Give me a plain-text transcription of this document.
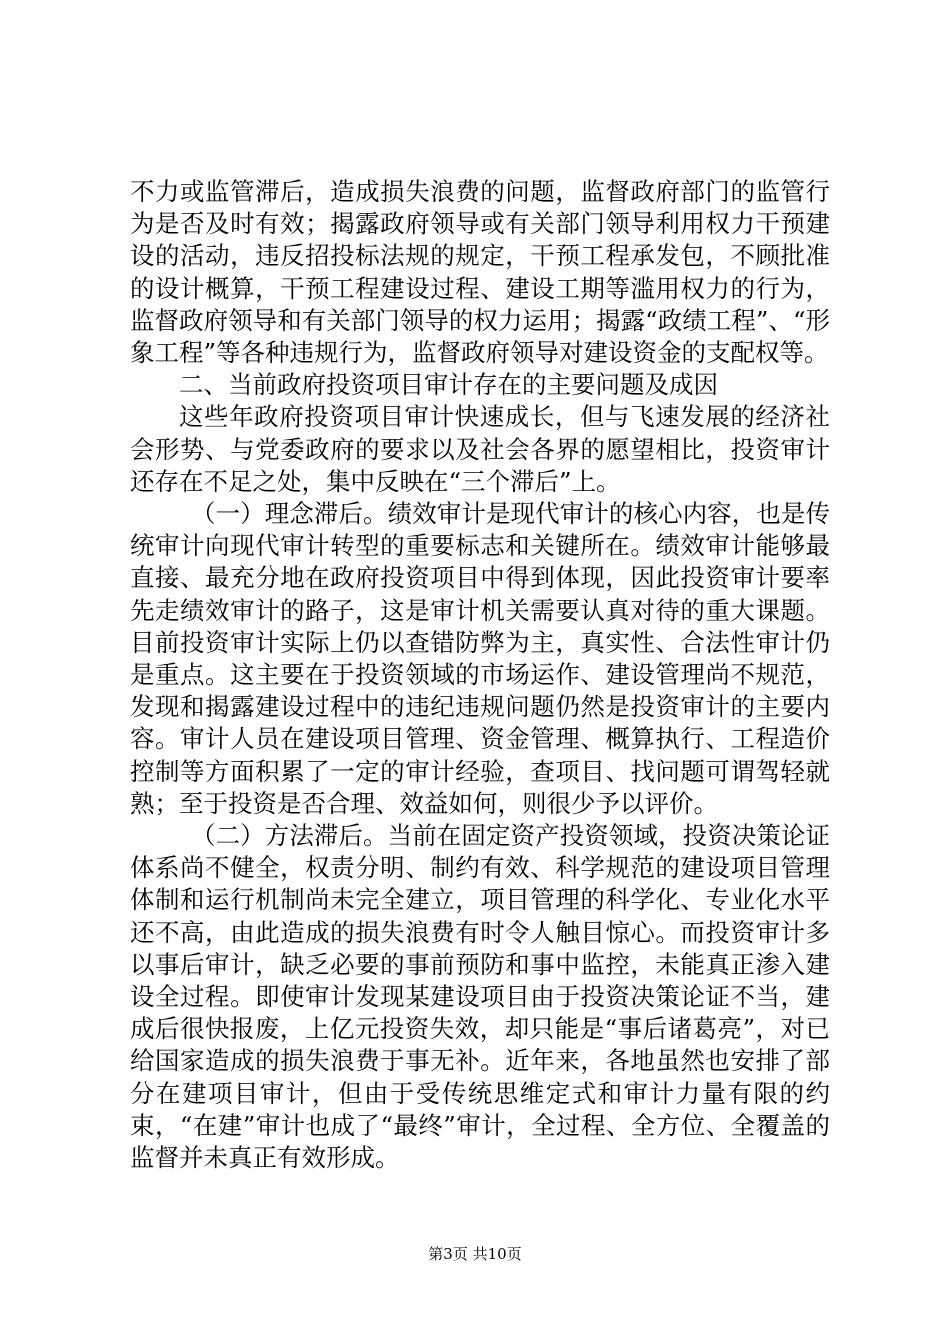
不力或监管滞后，造成损失浪费的问题，监督政府部门的监管行为是否及时有效；揭露政府领导或有关部门领导利用权力干预建设的活动，违反招投标法规的规定，干预工程承发包，不顾批准的设计概算，干预工程建设过程、建设工期等滥用权力的行为，监督政府领导和有关部门领导的权力运用；揭露“政绩工程”、“形象工程”等各种违规行为，监督政府领导对建设资金的支配权等。

二、当前政府投资项目审计存在的主要问题及成因

这些年政府投资项目审计快速成长，但与飞速发展的经济社会形势、与党委政府的要求以及社会各界的愿望相比，投资审计还存在不足之处，集中反映在“三个滞后”上。

（一）理念滞后。绩效审计是现代审计的核心内容，也是传统审计向现代审计转型的重要标志和关键所在。绩效审计能够最直接、最充分地在政府投资项目中得到体现，因此投资审计要率先走绩效审计的路子，这是审计机关需要认真对待的重大课题。目前投资审计实际上仍以查错防弊为主，真实性、合法性审计仍是重点。这主要在于投资领域的市场运作、建设管理尚不规范，发现和揭露建设过程中的违纪违规问题仍然是投资审计的主要内容。审计人员在建设项目管理、资金管理、概算执行、工程造价控制等方面积累了一定的审计经验，查项目、找问题可谓驾轻就熟；至于投资是否合理、效益如何，则很少予以评价。

（二）方法滞后。当前在固定资产投资领域，投资决策论证体系尚不健全，权责分明、制约有效、科学规范的建设项目管理体制和运行机制尚未完全建立，项目管理的科学化、专业化水平还不高，由此造成的损失浪费有时令人触目惊心。而投资审计多以事后审计，缺乏必要的事前预防和事中监控，未能真正渗入建设全过程。即使审计发现某建设项目由于投资决策论证不当，建成后很快报废，上亿元投资失效，却只能是“事后诸葛亮”，对已给国家造成的损失浪费于事无补。近年来，各地虽然也安排了部分在建项目审计，但由于受传统思维定式和审计力量有限的约束，“在建”审计也成了“最终”审计，全过程、全方位、全覆盖的监督并未真正有效形成。

第3页 共10页
